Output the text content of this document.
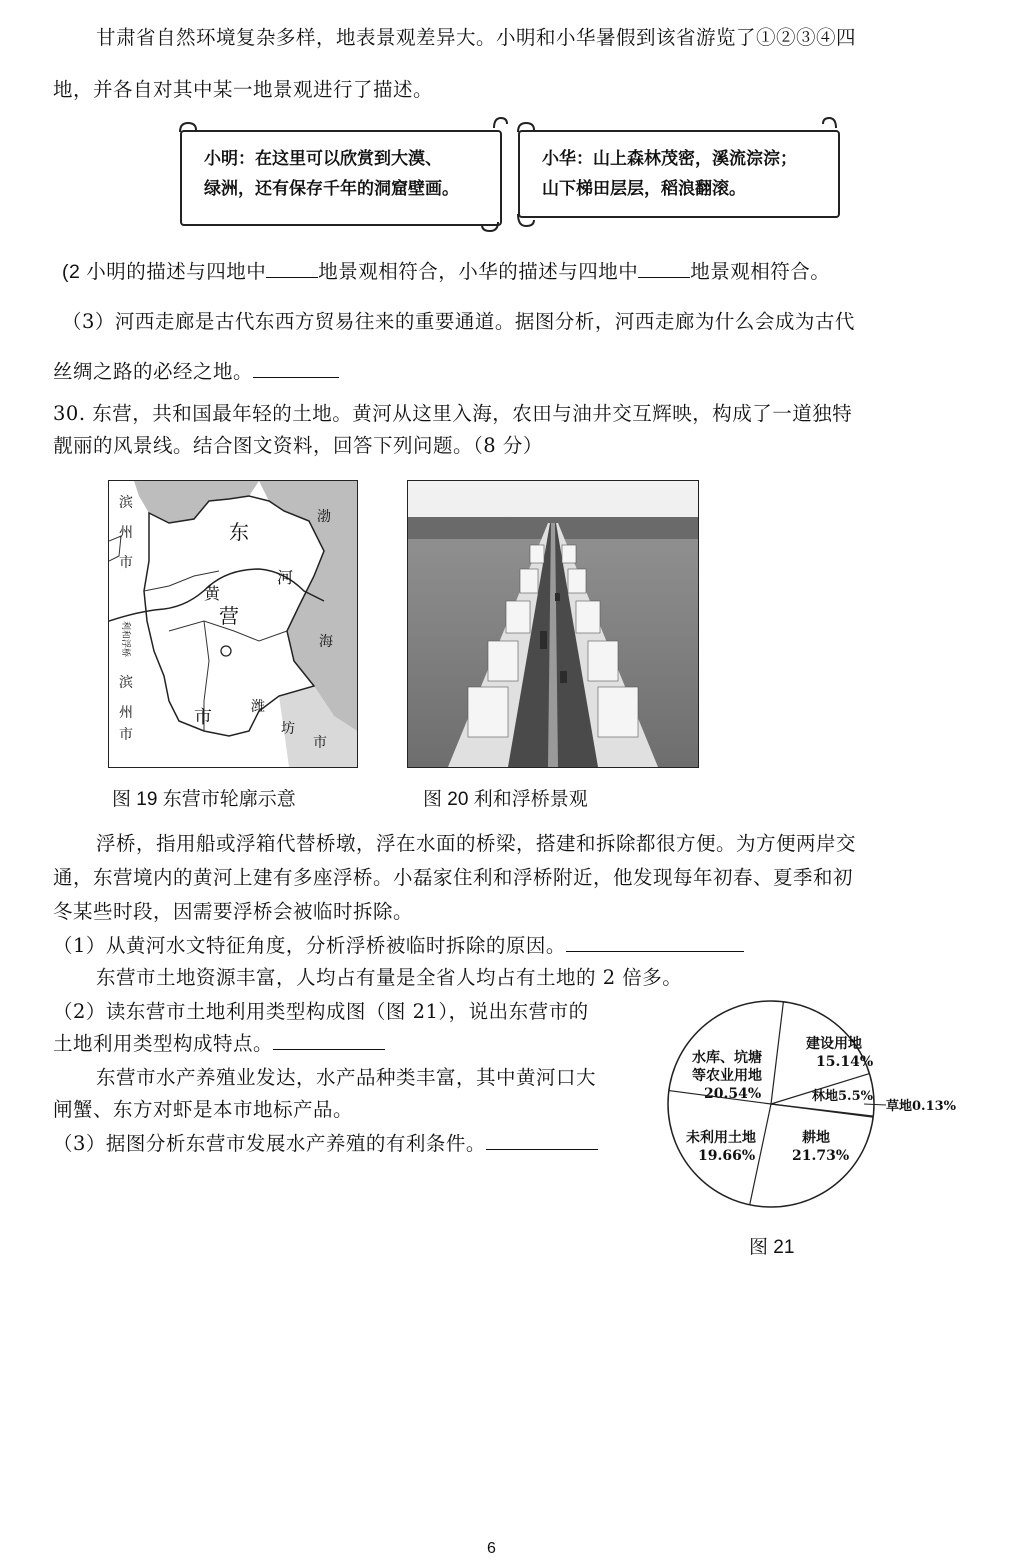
甘肃省自然环境复杂多样，地表景观差异大。小明和小华暑假到该省游览了①②③④四
地，并各自对其中某一地景观进行了描述。
小明：在这里可以欣赏到大漠、
绿洲，还有保存千年的洞窟壁画。
小华：山上森林茂密，溪流淙淙；
山下梯田层层，稻浪翻滚。
(2 小明的描述与四地中	地景观相符合，小华的描述与四地中	地景观相符合。
（3）河西走廊是古代东西方贸易往来的重要通道。据图分析，河西走廊为什么会成为古代
丝绸之路的必经之地。
30. 东营，共和国最年轻的土地。黄河从这里入海，农田与油井交互辉映，构成了一道独特
靓丽的风景线。结合图文资料，回答下列问题。（8 分）
滨
州
市
东
渤
黄
河
营
海
利和浮桥
滨
州
市
市	潍
坊
市
图 19 东营市轮廓示意	图 20 利和浮桥景观
浮桥，指用船或浮箱代替桥墩，浮在水面的桥梁，搭建和拆除都很方便。为方便两岸交
通，东营境内的黄河上建有多座浮桥。小磊家住利和浮桥附近，他发现每年初春、夏季和初
冬某些时段，因需要浮桥会被临时拆除。
（1）从黄河水文特征角度，分析浮桥被临时拆除的原因。
东营市土地资源丰富，人均占有量是全省人均占有土地的 2 倍多。
（2）读东营市土地利用类型构成图（图 21），说出东营市的
土地利用类型构成特点。
东营市水产养殖业发达，水产品种类丰富，其中黄河口大
闸蟹、东方对虾是本市地标产品。
（3）据图分析东营市发展水产养殖的有利条件。
建设用地
15.14%
水库、坑塘
等农业用地
20.54%	林地5.5%
草地0.13%
未利用土地
19.66%
耕地
21.73%
图 21
6
